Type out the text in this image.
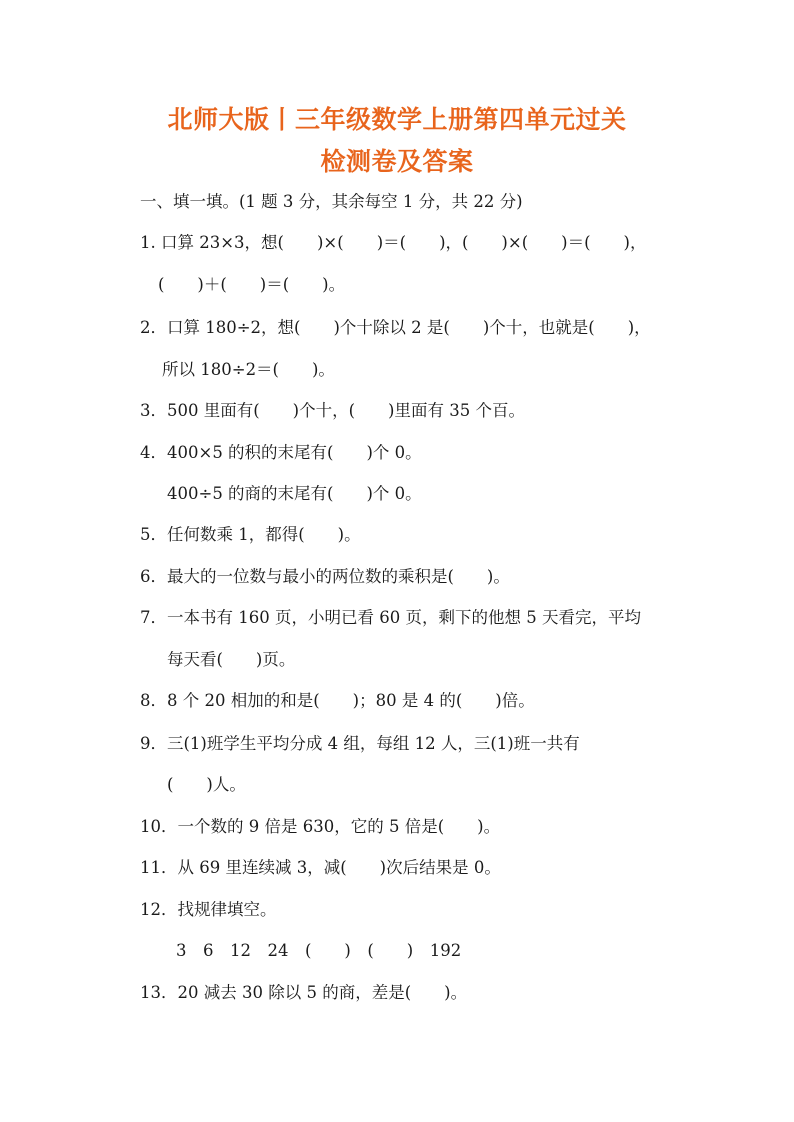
北师大版丨三年级数学上册第四单元过关
检测卷及答案
一、填一填。(1 题 3 分，其余每空 1 分，共 22 分)
1. 口算 23×3，想(　　)×(　　)＝(　　)，(　　)×(　　)＝(　　)，
(　　)＋(　　)＝(　　)。
2．口算 180÷2，想(　　)个十除以 2 是(　　)个十，也就是(　　)，
所以 180÷2＝(　　)。
3．500 里面有(　　)个十，(　　)里面有 35 个百。
4．400×5 的积的末尾有(　　)个 0。
400÷5 的商的末尾有(　　)个 0。
5．任何数乘 1，都得(　　)。
6．最大的一位数与最小的两位数的乘积是(　　)。
7．一本书有 160 页，小明已看 60 页，剩下的他想 5 天看完，平均
每天看(　　)页。
8．8 个 20 相加的和是(　　)；80 是 4 的(　　)倍。
9．三(1)班学生平均分成 4 组，每组 12 人，三(1)班一共有
(　　)人。
10．一个数的 9 倍是 630，它的 5 倍是(　　)。
11．从 69 里连续减 3，减(　　)次后结果是 0。
12．找规律填空。
3　6　12　24　(　　)　(　　)　192
13．20 减去 30 除以 5 的商，差是(　　)。
